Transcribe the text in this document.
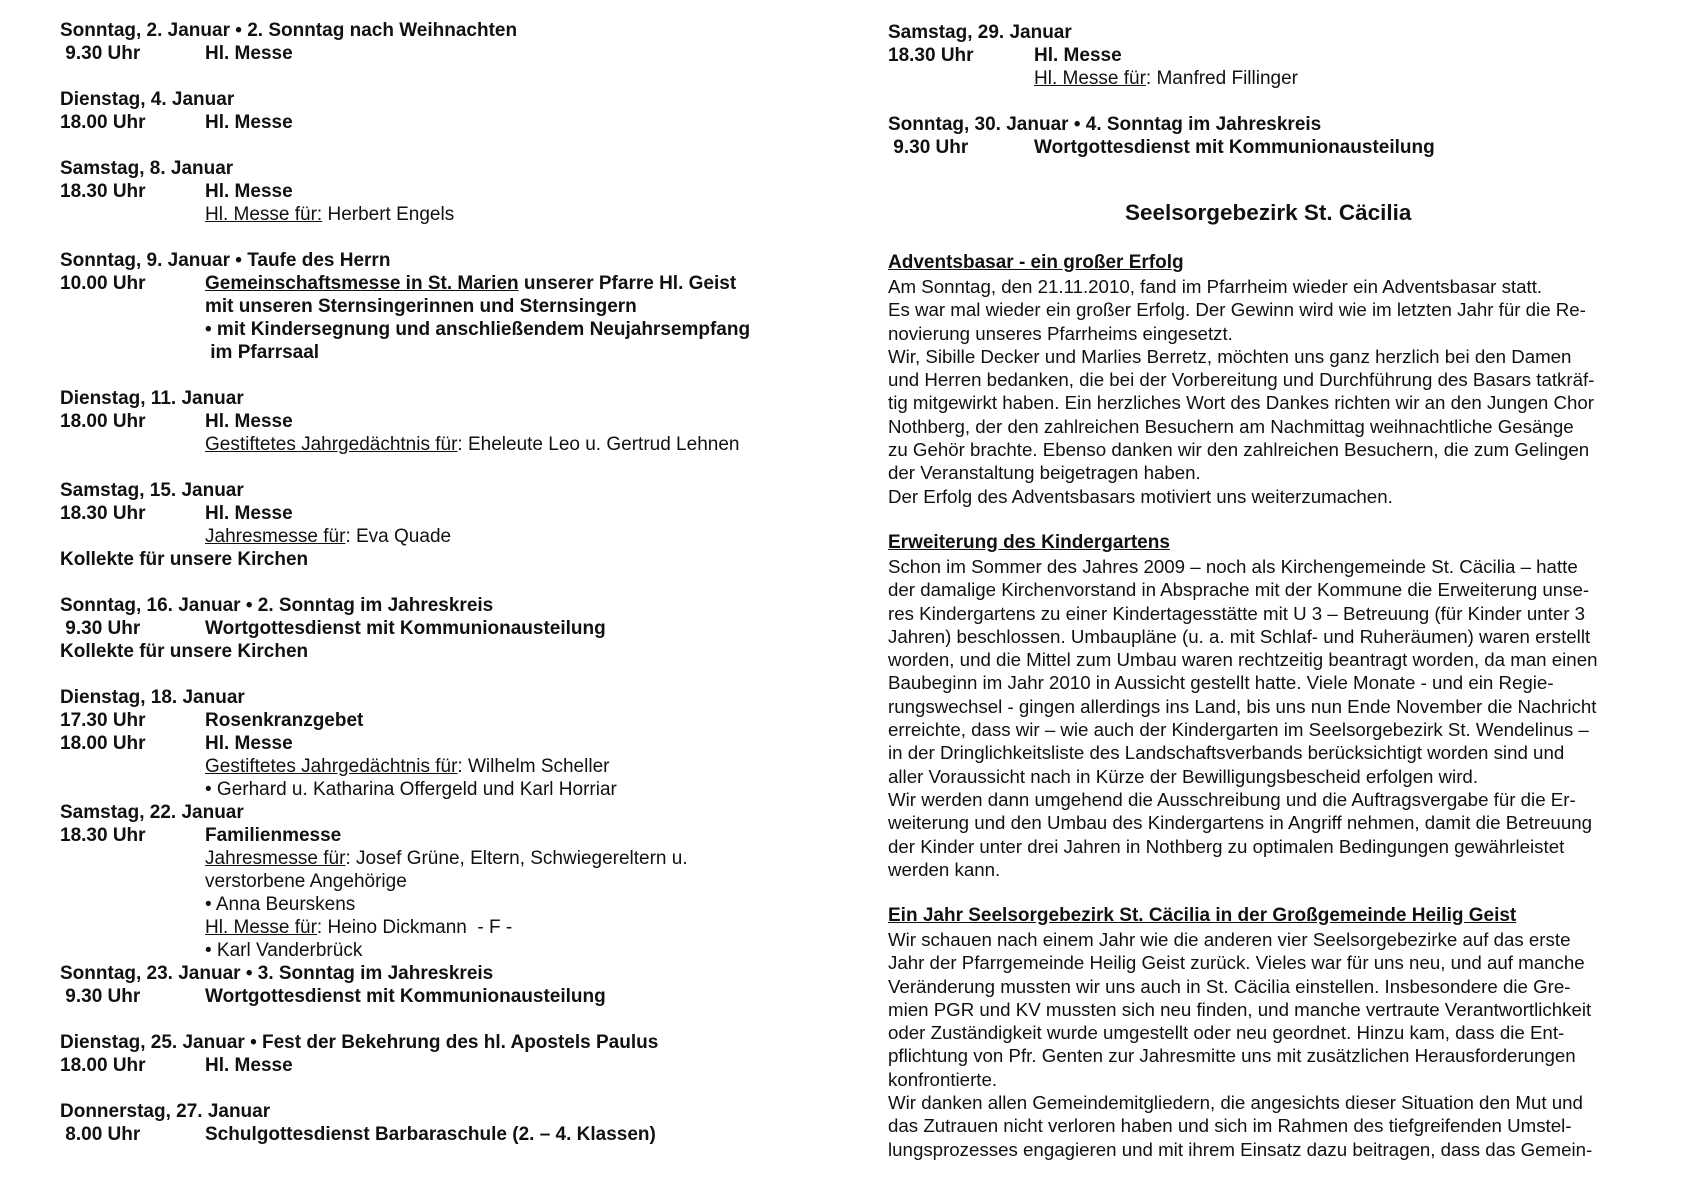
Sonntag, 2. Januar • 2. Sonntag nach Weihnachten
9.30 Uhr	Hl. Messe
Dienstag, 4. Januar
18.00 Uhr	Hl. Messe
Samstag, 8. Januar
18.30 Uhr	Hl. Messe
Hl. Messe für: Herbert Engels
Sonntag, 9. Januar • Taufe des Herrn
10.00 Uhr	Gemeinschaftsmesse in St. Marien unserer Pfarre Hl. Geist
mit unseren Sternsingerinnen und Sternsingern
• mit Kindersegnung und anschließendem Neujahrsempfang
im Pfarrsaal
Dienstag, 11. Januar
18.00 Uhr	Hl. Messe
Gestiftetes Jahrgedächtnis für: Eheleute Leo u. Gertrud Lehnen
Samstag, 15. Januar
18.30 Uhr	Hl. Messe
Jahresmesse für: Eva Quade
Kollekte für unsere Kirchen
Sonntag, 16. Januar • 2. Sonntag im Jahreskreis
9.30 Uhr	Wortgottesdienst mit Kommunionausteilung
Kollekte für unsere Kirchen
Dienstag, 18. Januar
17.30 Uhr	Rosenkranzgebet
18.00 Uhr	Hl. Messe
Gestiftetes Jahrgedächtnis für: Wilhelm Scheller
• Gerhard u. Katharina Offergeld und Karl Horriar
Samstag, 22. Januar
18.30 Uhr	Familienmesse
Jahresmesse für: Josef Grüne, Eltern, Schwiegereltern u.
verstorbene Angehörige
• Anna Beurskens
Hl. Messe für: Heino Dickmann  - F -
• Karl Vanderbrück
Sonntag, 23. Januar • 3. Sonntag im Jahreskreis
9.30 Uhr	Wortgottesdienst mit Kommunionausteilung
Dienstag, 25. Januar • Fest der Bekehrung des hl. Apostels Paulus
18.00 Uhr	Hl. Messe
Donnerstag, 27. Januar
8.00 Uhr	Schulgottesdienst Barbaraschule (2. – 4. Klassen)
Samstag, 29. Januar
18.30 Uhr	Hl. Messe
Hl. Messe für: Manfred Fillinger
Sonntag, 30. Januar • 4. Sonntag im Jahreskreis
9.30 Uhr	Wortgottesdienst mit Kommunionausteilung
Seelsorgebezirk St. Cäcilia
Adventsbasar - ein großer Erfolg
Am Sonntag, den 21.11.2010, fand im Pfarrheim wieder ein Adventsbasar statt.
Es war mal wieder ein großer Erfolg. Der Gewinn wird wie im letzten Jahr für die Re-
novierung unseres Pfarrheims eingesetzt.
Wir, Sibille Decker und Marlies Berretz, möchten uns ganz herzlich bei den Damen
und Herren bedanken, die bei der Vorbereitung und Durchführung des Basars tatkräf-
tig mitgewirkt haben. Ein herzliches Wort des Dankes richten wir an den Jungen Chor
Nothberg, der den zahlreichen Besuchern am Nachmittag weihnachtliche Gesänge
zu Gehör brachte. Ebenso danken wir den zahlreichen Besuchern, die zum Gelingen
der Veranstaltung beigetragen haben.
Der Erfolg des Adventsbasars motiviert uns weiterzumachen.
Erweiterung des Kindergartens
Schon im Sommer des Jahres 2009 – noch als Kirchengemeinde St. Cäcilia – hatte
der damalige Kirchenvorstand in Absprache mit der Kommune die Erweiterung unse-
res Kindergartens zu einer Kindertagesstätte mit U 3 – Betreuung (für Kinder unter 3
Jahren) beschlossen. Umbaupläne (u. a. mit Schlaf- und Ruheräumen) waren erstellt
worden, und die Mittel zum Umbau waren rechtzeitig beantragt worden, da man einen
Baubeginn im Jahr 2010 in Aussicht gestellt hatte. Viele Monate - und ein Regie-
rungswechsel - gingen allerdings ins Land, bis uns nun Ende November die Nachricht
erreichte, dass wir – wie auch der Kindergarten im Seelsorgebezirk St. Wendelinus –
in der Dringlichkeitsliste des Landschaftsverbands berücksichtigt worden sind und
aller Voraussicht nach in Kürze der Bewilligungsbescheid erfolgen wird.
Wir werden dann umgehend die Ausschreibung und die Auftragsvergabe für die Er-
weiterung und den Umbau des Kindergartens in Angriff nehmen, damit die Betreuung
der Kinder unter drei Jahren in Nothberg zu optimalen Bedingungen gewährleistet
werden kann.
Ein Jahr Seelsorgebezirk St. Cäcilia in der Großgemeinde Heilig Geist
Wir schauen nach einem Jahr wie die anderen vier Seelsorgebezirke auf das erste
Jahr der Pfarrgemeinde Heilig Geist zurück. Vieles war für uns neu, und auf manche
Veränderung mussten wir uns auch in St. Cäcilia einstellen. Insbesondere die Gre-
mien PGR und KV mussten sich neu finden, und manche vertraute Verantwortlichkeit
oder Zuständigkeit wurde umgestellt oder neu geordnet. Hinzu kam, dass die Ent-
pflichtung von Pfr. Genten zur Jahresmitte uns mit zusätzlichen Herausforderungen
konfrontierte.
Wir danken allen Gemeindemitgliedern, die angesichts dieser Situation den Mut und
das Zutrauen nicht verloren haben und sich im Rahmen des tiefgreifenden Umstel-
lungsprozesses engagieren und mit ihrem Einsatz dazu beitragen, dass das Gemein-
